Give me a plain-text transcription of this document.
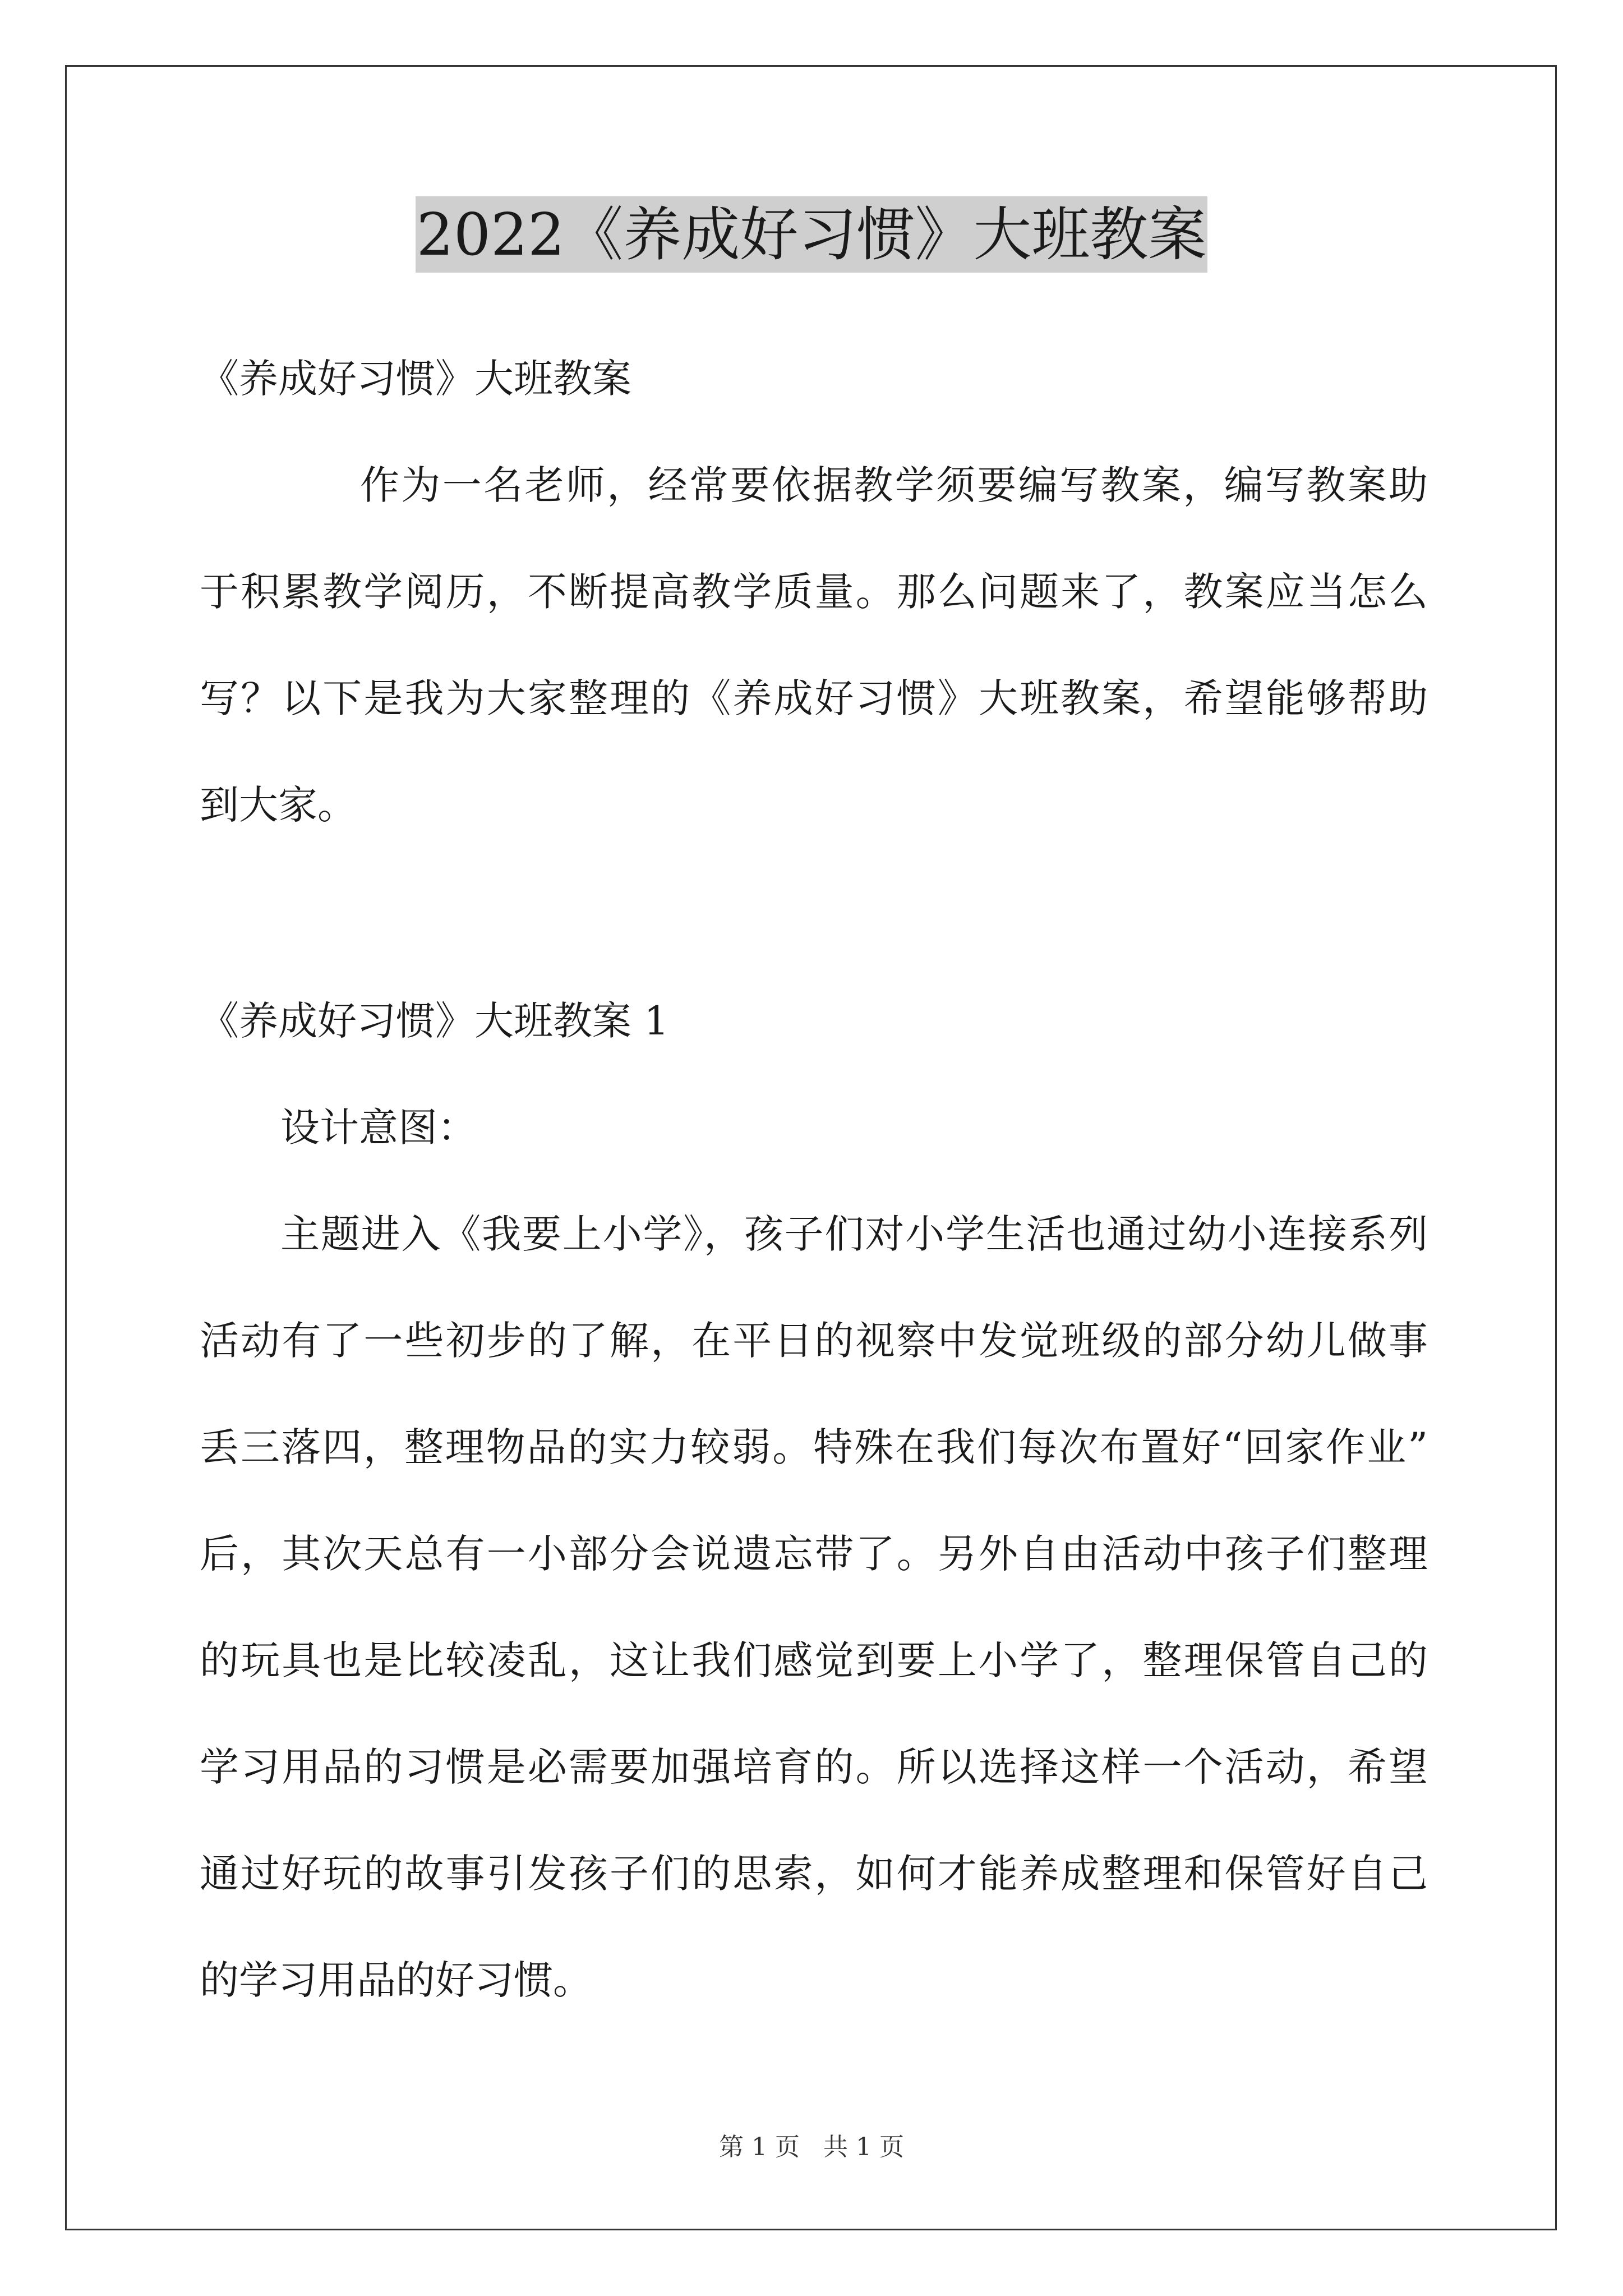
2022《养成好习惯》大班教案
《养成好习惯》大班教案
作为一名老师，经常要依据教学须要编写教案，编写教案助
于积累教学阅历，不断提高教学质量。那么问题来了，教案应当怎么
写？以下是我为大家整理的《养成好习惯》大班教案，希望能够帮助
到大家。
《养成好习惯》大班教案 1
设计意图：
主题进入《我要上小学》，孩子们对小学生活也通过幼小连接系列
活动有了一些初步的了解，在平日的视察中发觉班级的部分幼儿做事
丢三落四，整理物品的实力较弱。特殊在我们每次布置好“回家作业”
后，其次天总有一小部分会说遗忘带了。另外自由活动中孩子们整理
的玩具也是比较凌乱，这让我们感觉到要上小学了，整理保管自己的
学习用品的习惯是必需要加强培育的。所以选择这样一个活动，希望
通过好玩的故事引发孩子们的思索，如何才能养成整理和保管好自己
的学习用品的好习惯。
第 1 页 共 1 页
